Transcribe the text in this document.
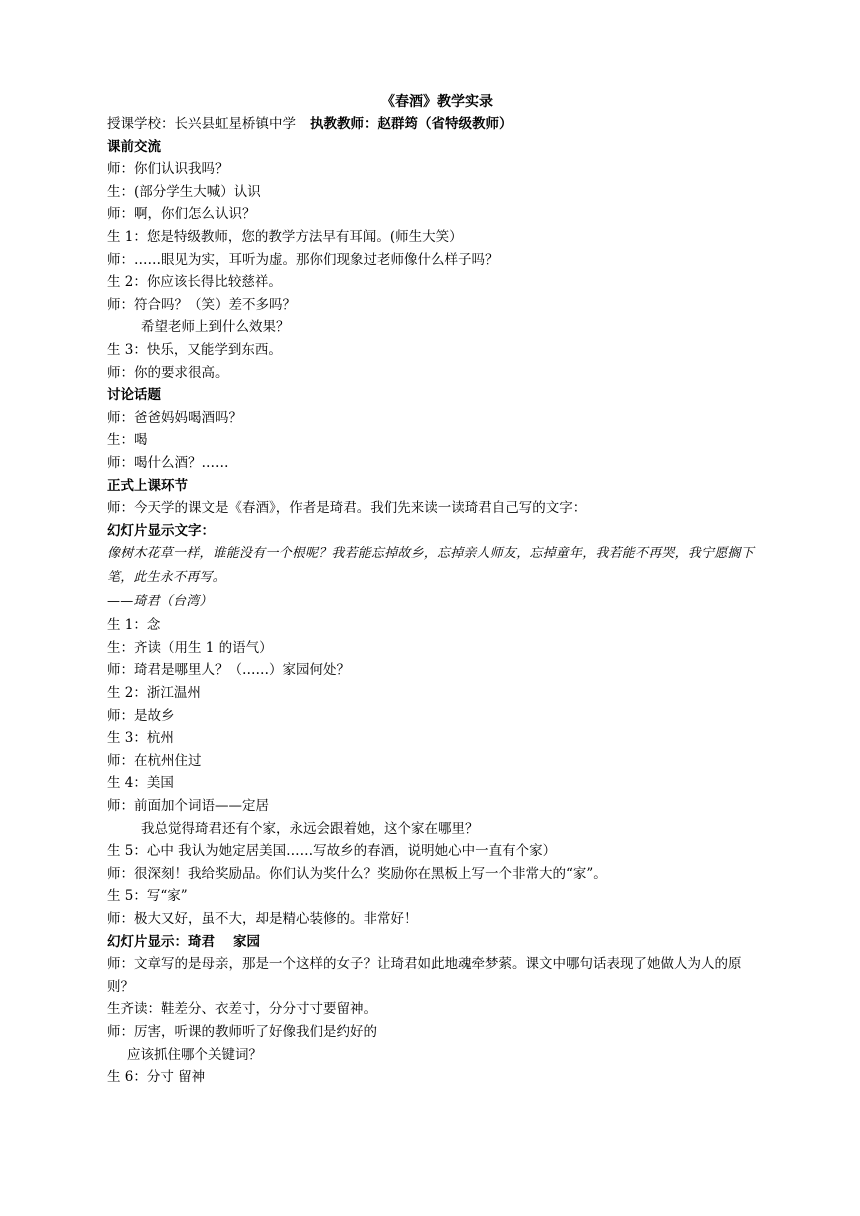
《春酒》教学实录
授课学校：长兴县虹星桥镇中学 执教教师：赵群筠（省特级教师）
课前交流
师：你们认识我吗？
生：(部分学生大喊）认识
师：啊，你们怎么认识？
生 1：您是特级教师，您的教学方法早有耳闻。(师生大笑）
师：……眼见为实，耳听为虚。那你们现象过老师像什么样子吗？
生 2：你应该长得比较慈祥。
师：符合吗？（笑）差不多吗？
希望老师上到什么效果？
生 3：快乐，又能学到东西。
师：你的要求很高。
讨论话题
师：爸爸妈妈喝酒吗？
生：喝
师：喝什么酒？……
正式上课环节
师：今天学的课文是《春酒》，作者是琦君。我们先来读一读琦君自己写的文字：
幻灯片显示文字：
像树木花草一样，谁能没有一个根呢？我若能忘掉故乡，忘掉亲人师友，忘掉童年，我若能不再哭，我宁愿搁下笔，此生永不再写。
——琦君（台湾）
生 1：念
生：齐读（用生 1 的语气）
师：琦君是哪里人？（……）家园何处？
生 2：浙江温州
师：是故乡
生 3：杭州
师：在杭州住过
生 4：美国
师：前面加个词语——定居
我总觉得琦君还有个家，永远会跟着她，这个家在哪里？
生 5：心中 我认为她定居美国……写故乡的春酒，说明她心中一直有个家）
师：很深刻！我给奖励品。你们认为奖什么？奖励你在黑板上写一个非常大的“家”。
生 5：写“家”
师：极大又好，虽不大，却是精心装修的。非常好！
幻灯片显示：琦君 家园
师：文章写的是母亲，那是一个这样的女子？让琦君如此地魂牵梦萦。课文中哪句话表现了她做人为人的原则？
生齐读：鞋差分、衣差寸，分分寸寸要留神。
师：厉害，听课的教师听了好像我们是约好的
应该抓住哪个关键词？
生 6：分寸 留神
